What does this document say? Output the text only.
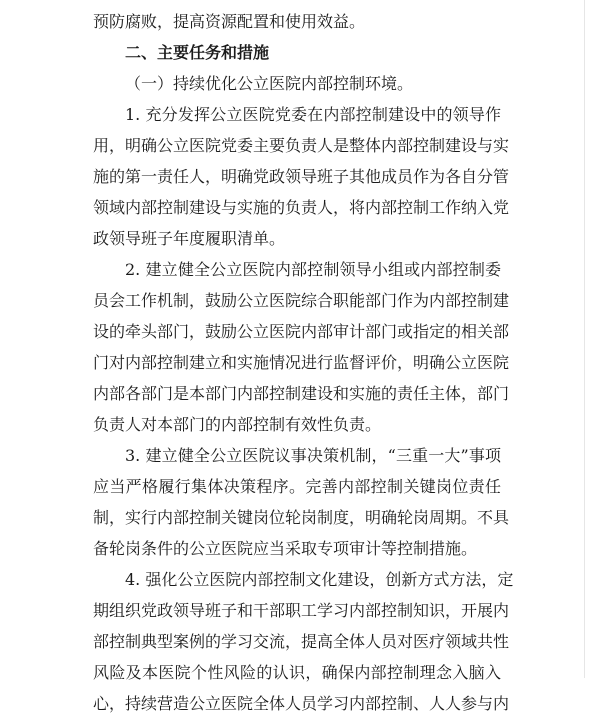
预防腐败，提高资源配置和使用效益。
二、主要任务和措施
（一）持续优化公立医院内部控制环境。
1. 充分发挥公立医院党委在内部控制建设中的领导作
用，明确公立医院党委主要负责人是整体内部控制建设与实
施的第一责任人，明确党政领导班子其他成员作为各自分管
领域内部控制建设与实施的负责人，将内部控制工作纳入党
政领导班子年度履职清单。
2. 建立健全公立医院内部控制领导小组或内部控制委
员会工作机制，鼓励公立医院综合职能部门作为内部控制建
设的牵头部门，鼓励公立医院内部审计部门或指定的相关部
门对内部控制建立和实施情况进行监督评价，明确公立医院
内部各部门是本部门内部控制建设和实施的责任主体，部门
负责人对本部门的内部控制有效性负责。
3. 建立健全公立医院议事决策机制，“三重一大”事项
应当严格履行集体决策程序。完善内部控制关键岗位责任
制，实行内部控制关键岗位轮岗制度，明确轮岗周期。不具
备轮岗条件的公立医院应当采取专项审计等控制措施。
4. 强化公立医院内部控制文化建设，创新方式方法，定
期组织党政领导班子和干部职工学习内部控制知识，开展内
部控制典型案例的学习交流，提高全体人员对医疗领域共性
风险及本医院个性风险的认识，确保内部控制理念入脑入
心，持续营造公立医院全体人员学习内部控制、人人参与内
